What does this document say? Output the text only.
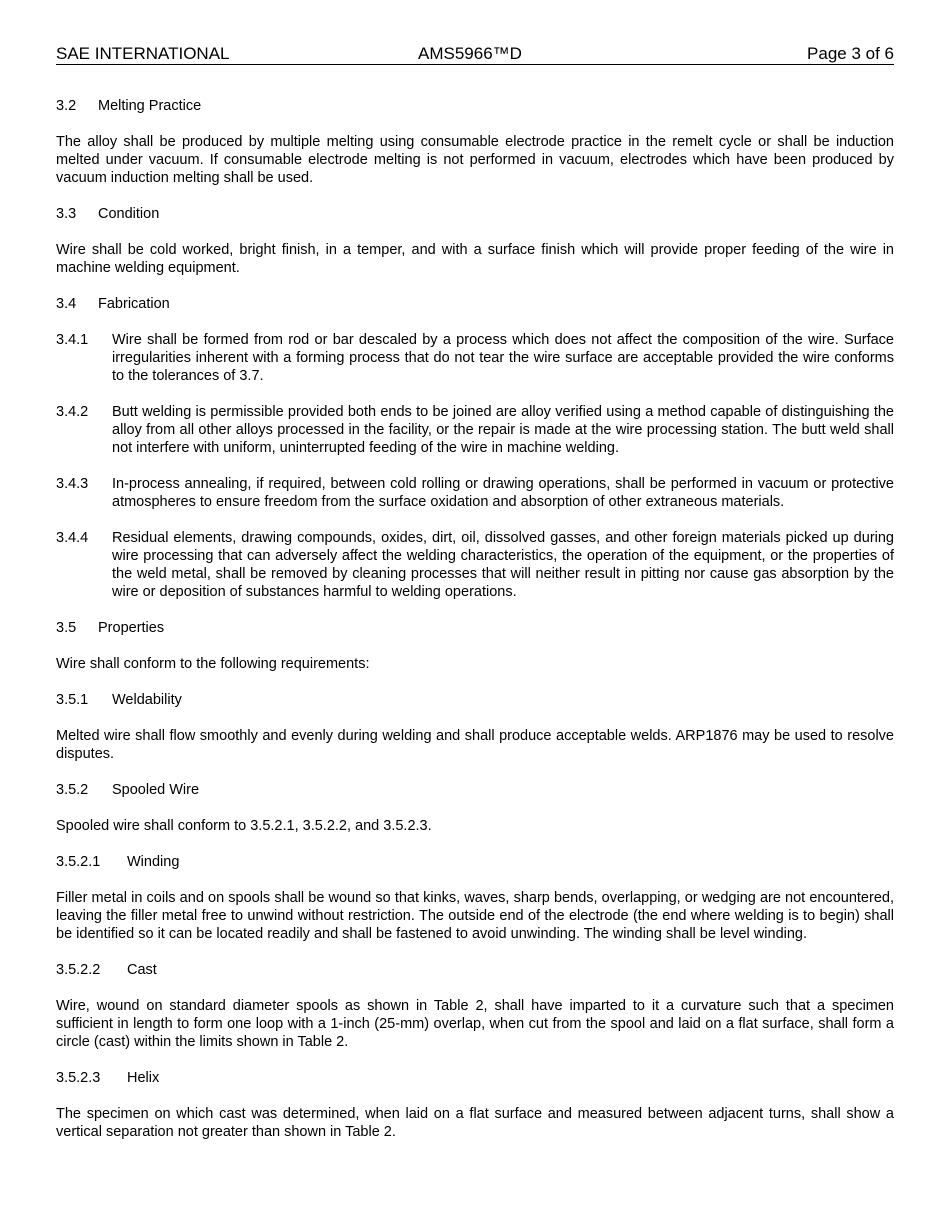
SAE INTERNATIONAL	AMS5966™D	Page 3 of 6
3.2 Melting Practice

The alloy shall be produced by multiple melting using consumable electrode practice in the remelt cycle or shall be induction melted under vacuum. If consumable electrode melting is not performed in vacuum, electrodes which have been produced by vacuum induction melting shall be used.

3.3 Condition

Wire shall be cold worked, bright finish, in a temper, and with a surface finish which will provide proper feeding of the wire in machine welding equipment.

3.4 Fabrication
3.4.1	Wire shall be formed from rod or bar descaled by a process which does not affect the composition of the wire. Surface irregularities inherent with a forming process that do not tear the wire surface are acceptable provided the wire conforms to the tolerances of 3.7.
3.4.2	Butt welding is permissible provided both ends to be joined are alloy verified using a method capable of distinguishing the alloy from all other alloys processed in the facility, or the repair is made at the wire processing station. The butt weld shall not interfere with uniform, uninterrupted feeding of the wire in machine welding.
3.4.3	In-process annealing, if required, between cold rolling or drawing operations, shall be performed in vacuum or protective atmospheres to ensure freedom from the surface oxidation and absorption of other extraneous materials.
3.4.4	Residual elements, drawing compounds, oxides, dirt, oil, dissolved gasses, and other foreign materials picked up during wire processing that can adversely affect the welding characteristics, the operation of the equipment, or the properties of the weld metal, shall be removed by cleaning processes that will neither result in pitting nor cause gas absorption by the wire or deposition of substances harmful to welding operations.
3.5 Properties

Wire shall conform to the following requirements:

3.5.1 Weldability

Melted wire shall flow smoothly and evenly during welding and shall produce acceptable welds. ARP1876 may be used to resolve disputes.

3.5.2 Spooled Wire

Spooled wire shall conform to 3.5.2.1, 3.5.2.2, and 3.5.2.3.

3.5.2.1 Winding

Filler metal in coils and on spools shall be wound so that kinks, waves, sharp bends, overlapping, or wedging are not encountered, leaving the filler metal free to unwind without restriction. The outside end of the electrode (the end where welding is to begin) shall be identified so it can be located readily and shall be fastened to avoid unwinding. The winding shall be level winding.

3.5.2.2 Cast

Wire, wound on standard diameter spools as shown in Table 2, shall have imparted to it a curvature such that a specimen sufficient in length to form one loop with a 1-inch (25-mm) overlap, when cut from the spool and laid on a flat surface, shall form a circle (cast) within the limits shown in Table 2.

3.5.2.3 Helix

The specimen on which cast was determined, when laid on a flat surface and measured between adjacent turns, shall show a vertical separation not greater than shown in Table 2.
